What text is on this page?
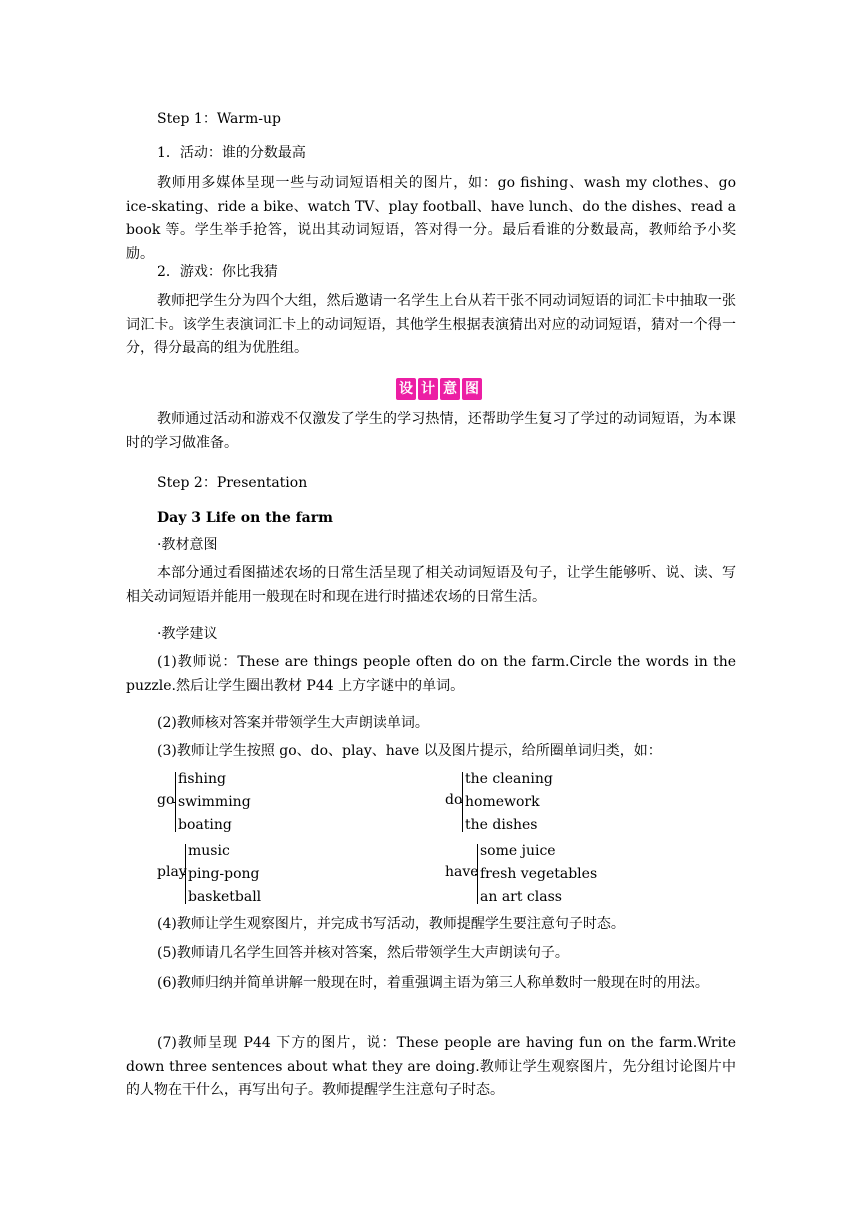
Step 1：Warm-up
1．活动：谁的分数最高
教师用多媒体呈现一些与动词短语相关的图片，如：go fishing、wash my clothes、go ice-skating、ride a bike、watch TV、play football、have lunch、do the dishes、read a book 等。学生举手抢答，说出其动词短语，答对得一分。最后看谁的分数最高，教师给予小奖励。
2．游戏：你比我猜
教师把学生分为四个大组，然后邀请一名学生上台从若干张不同动词短语的词汇卡中抽取一张词汇卡。该学生表演词汇卡上的动词短语，其他学生根据表演猜出对应的动词短语，猜对一个得一分，得分最高的组为优胜组。
设 计 意 图
教师通过活动和游戏不仅激发了学生的学习热情，还帮助学生复习了学过的动词短语，为本课时的学习做准备。
Step 2：Presentation
Day 3 Life on the farm
·教材意图
本部分通过看图描述农场的日常生活呈现了相关动词短语及句子，让学生能够听、说、读、写相关动词短语并能用一般现在时和现在进行时描述农场的日常生活。
·教学建议
(1)教师说：These are things people often do on the farm.Circle the words in the puzzle.然后让学生圈出教材 P44 上方字谜中的单词。
(2)教师核对答案并带领学生大声朗读单词。
(3)教师让学生按照 go、do、play、have 以及图片提示，给所圈单词归类，如：
go
fishing
swimming
boating
do
the cleaning
homework
the dishes
play
music
ping-pong
basketball
have
some juice
fresh vegetables
an art class
(4)教师让学生观察图片，并完成书写活动，教师提醒学生要注意句子时态。
(5)教师请几名学生回答并核对答案，然后带领学生大声朗读句子。
(6)教师归纳并简单讲解一般现在时，着重强调主语为第三人称单数时一般现在时的用法。
(7)教师呈现 P44 下方的图片，说：These people are having fun on the farm.Write down three sentences about what they are doing.教师让学生观察图片，先分组讨论图片中的人物在干什么，再写出句子。教师提醒学生注意句子时态。
